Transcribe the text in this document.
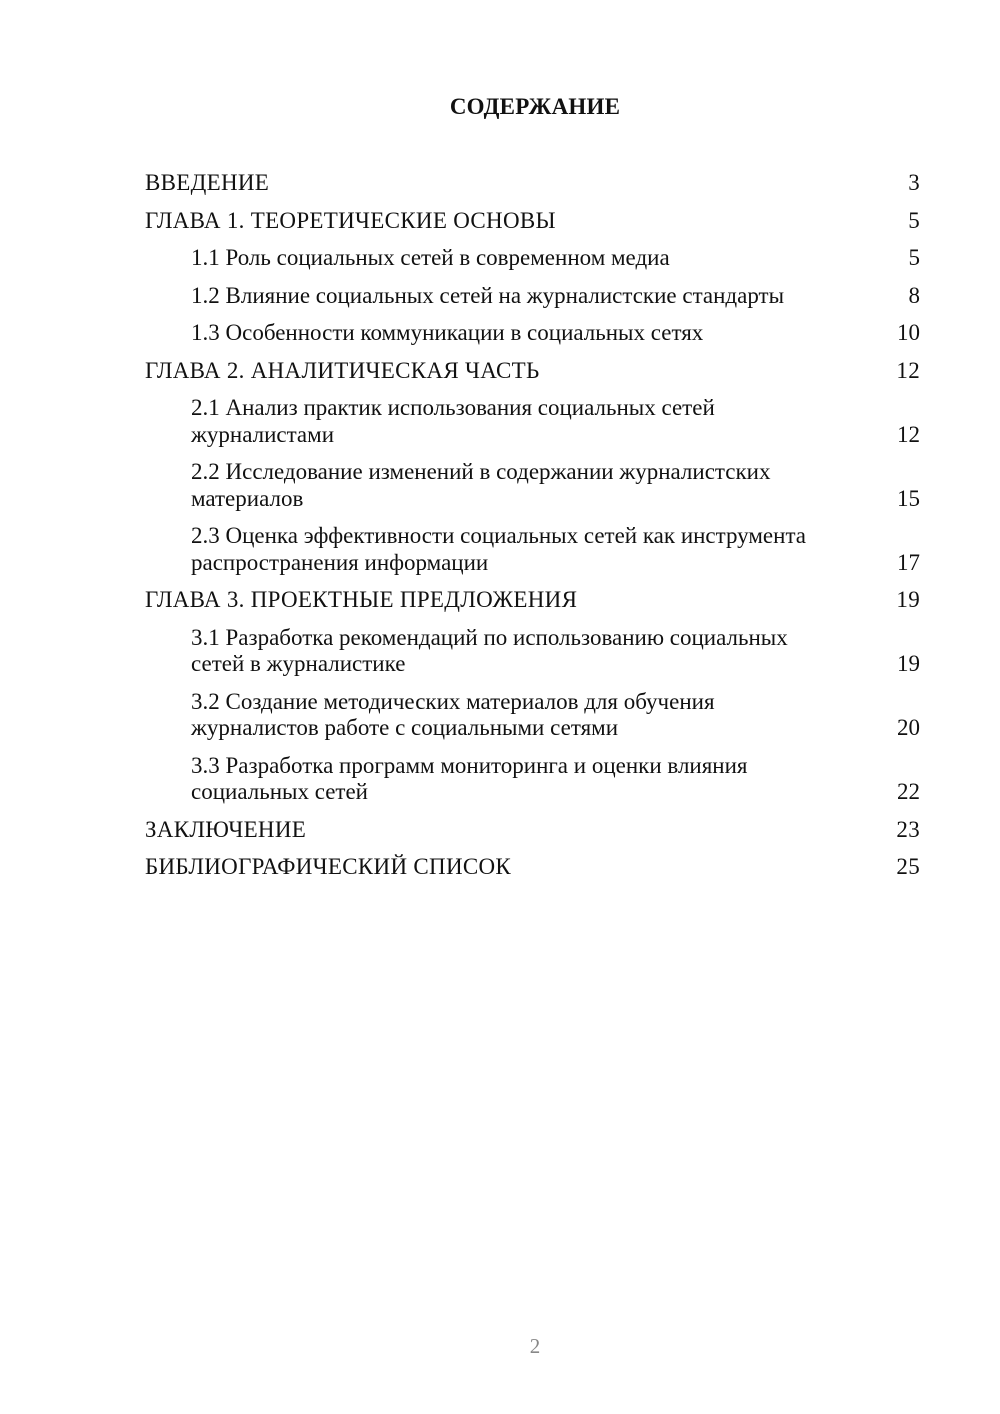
СОДЕРЖАНИЕ
ВВЕДЕНИЕ	3
ГЛАВА 1. ТЕОРЕТИЧЕСКИЕ ОСНОВЫ	5
1.1 Роль социальных сетей в современном медиа	5
1.2 Влияние социальных сетей на журналистские стандарты	8
1.3 Особенности коммуникации в социальных сетях	10
ГЛАВА 2. АНАЛИТИЧЕСКАЯ ЧАСТЬ	12
2.1 Анализ практик использования социальных сетей журналистами	12
2.2 Исследование изменений в содержании журналистских материалов	15
2.3 Оценка эффективности социальных сетей как инструмента распространения информации	17
ГЛАВА 3. ПРОЕКТНЫЕ ПРЕДЛОЖЕНИЯ	19
3.1 Разработка рекомендаций по использованию социальных сетей в журналистике	19
3.2 Создание методических материалов для обучения журналистов работе с социальными сетями	20
3.3 Разработка программ мониторинга и оценки влияния социальных сетей	22
ЗАКЛЮЧЕНИЕ	23
БИБЛИОГРАФИЧЕСКИЙ СПИСОК	25
2
